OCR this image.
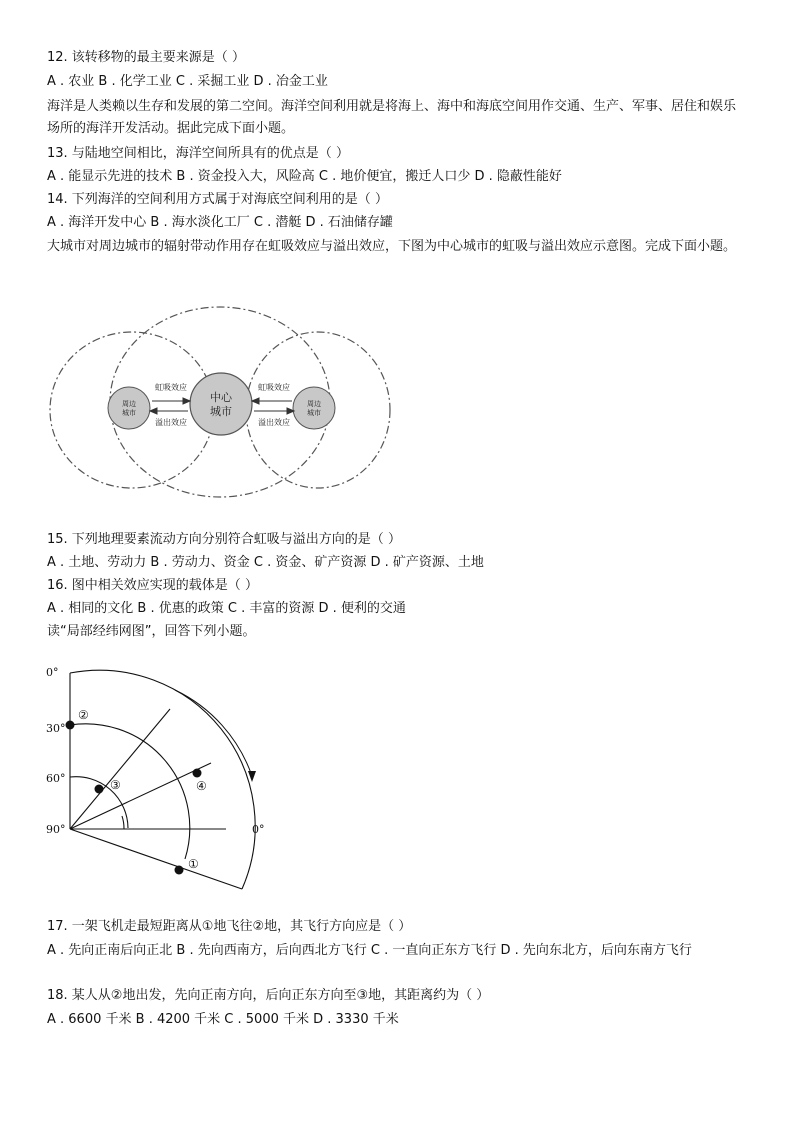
12. 该转移物的最主要来源是（ ）
A . 农业 B . 化学工业 C . 采掘工业 D . 冶金工业
海洋是人类赖以生存和发展的第二空间。海洋空间利用就是将海上、海中和海底空间用作交通、生产、军事、居住和娱乐场所的海洋开发活动。据此完成下面小题。
13. 与陆地空间相比，海洋空间所具有的优点是（ ）
A . 能显示先进的技术 B . 资金投入大，风险高 C . 地价便宜，搬迁人口少 D . 隐蔽性能好
14. 下列海洋的空间利用方式属于对海底空间利用的是（ ）
A . 海洋开发中心 B . 海水淡化工厂 C . 潜艇 D . 石油储存罐
大城市对周边城市的辐射带动作用存在虹吸效应与溢出效应，下图为中心城市的虹吸与溢出效应示意图。完成下面小题。
中心
城市
周边
城市
周边
城市
虹吸效应
溢出效应
虹吸效应
溢出效应
15. 下列地理要素流动方向分别符合虹吸与溢出方向的是（ ）
A . 土地、劳动力 B . 劳动力、资金 C . 资金、矿产资源 D . 矿产资源、土地
16. 图中相关效应实现的载体是（ ）
A . 相同的文化 B . 优惠的政策 C . 丰富的资源 D . 便利的交通
读“局部经纬网图”，回答下列小题。
0°
30°
60°
90°	0°
②
③	④
①
17. 一架飞机走最短距离从①地飞往②地，其飞行方向应是（ ）
A . 先向正南后向正北 B . 先向西南方，后向西北方飞行 C . 一直向正东方飞行 D . 先向东北方，后向东南方飞行
18. 某人从②地出发，先向正南方向，后向正东方向至③地，其距离约为（ ）
A . 6600 千米 B . 4200 千米 C . 5000 千米 D . 3330 千米
